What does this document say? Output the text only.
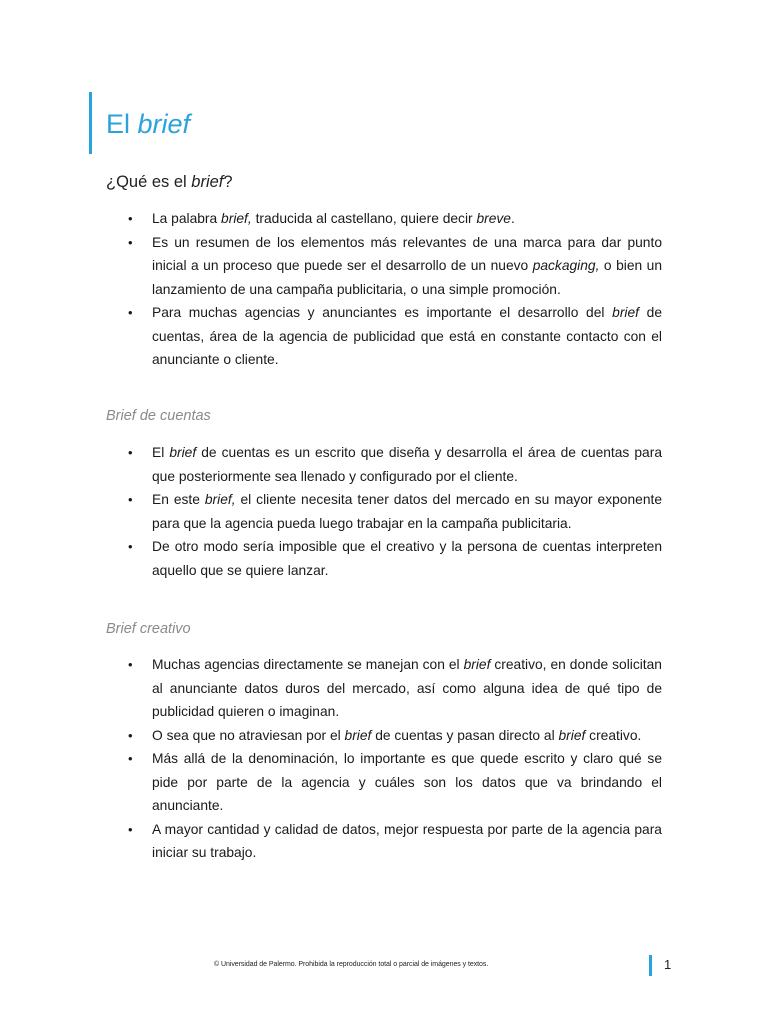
El brief
¿Qué es el brief?
• La palabra brief, traducida al castellano, quiere decir breve.
• Es un resumen de los elementos más relevantes de una marca para dar punto inicial a un proceso que puede ser el desarrollo de un nuevo packaging, o bien un lanzamiento de una campaña publicitaria, o una simple promoción.
• Para muchas agencias y anunciantes es importante el desarrollo del brief de cuentas, área de la agencia de publicidad que está en constante contacto con el anunciante o cliente.
Brief de cuentas
• El brief de cuentas es un escrito que diseña y desarrolla el área de cuentas para que posteriormente sea llenado y configurado por el cliente.
• En este brief, el cliente necesita tener datos del mercado en su mayor exponente para que la agencia pueda luego trabajar en la campaña publicitaria.
• De otro modo sería imposible que el creativo y la persona de cuentas interpreten aquello que se quiere lanzar.
Brief creativo
• Muchas agencias directamente se manejan con el brief creativo, en donde solicitan al anunciante datos duros del mercado, así como alguna idea de qué tipo de publicidad quieren o imaginan.
• O sea que no atraviesan por el brief de cuentas y pasan directo al brief creativo.
• Más allá de la denominación, lo importante es que quede escrito y claro qué se pide por parte de la agencia y cuáles son los datos que va brindando el anunciante.
• A mayor cantidad y calidad de datos, mejor respuesta por parte de la agencia para iniciar su trabajo.
© Universidad de Palermo. Prohibida la reproducción total o parcial de imágenes y textos.	1
